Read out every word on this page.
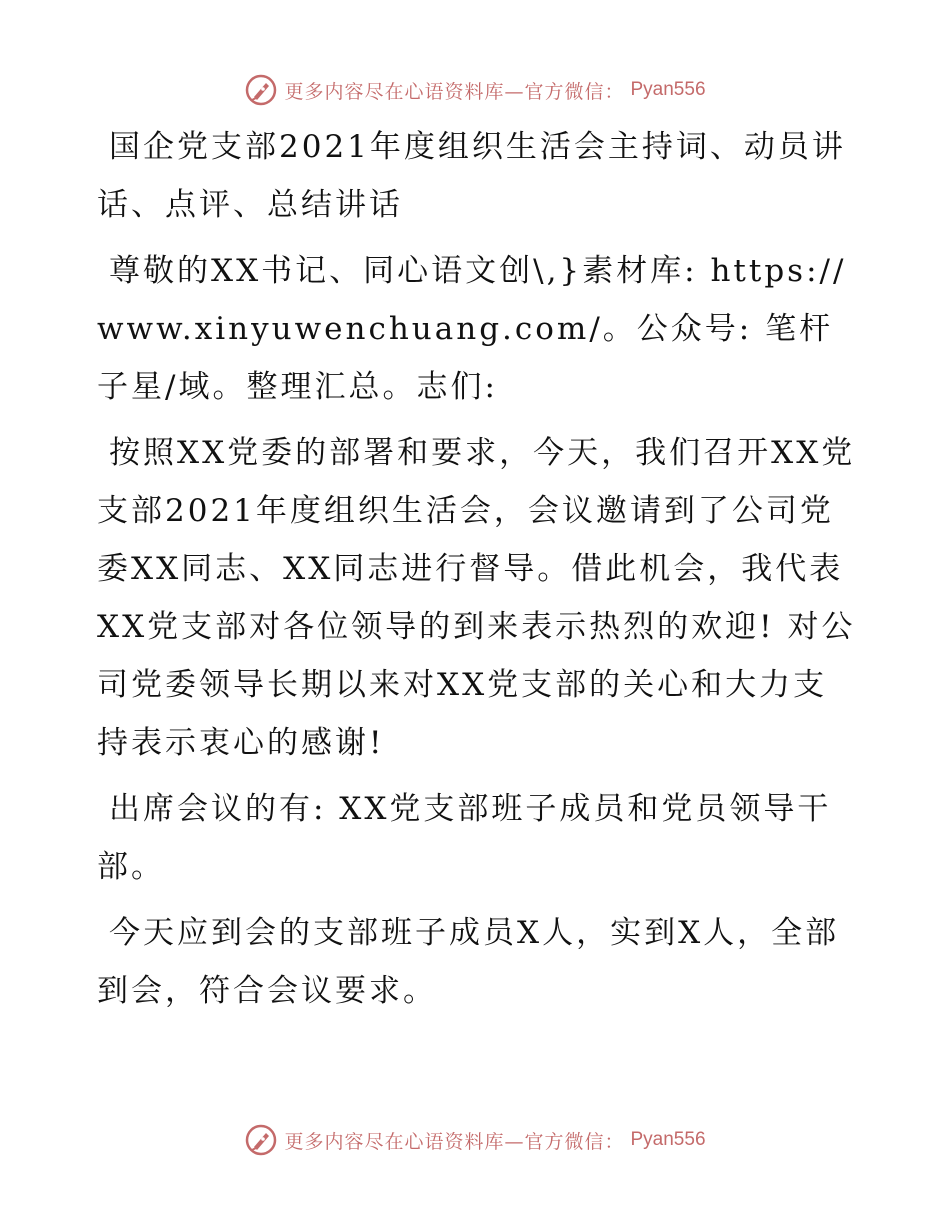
更多内容尽在心语资料库—官方微信： Pyan556

国企党支部2021年度组织生活会主持词、动员讲话、点评、总结讲话

尊敬的XX书记、同心语文创\,}素材库: https://www.xinyuwenchuang.com/。公众号: 笔杆子星/域。整理汇总。志们:

按照XX党委的部署和要求，今天，我们召开XX党支部2021年度组织生活会，会议邀请到了公司党委XX同志、XX同志进行督导。借此机会，我代表XX党支部对各位领导的到来表示热烈的欢迎! 对公司党委领导长期以来对XX党支部的关心和大力支持表示衷心的感谢!

出席会议的有: XX党支部班子成员和党员领导干部。

今天应到会的支部班子成员X人，实到X人，全部到会，符合会议要求。

更多内容尽在心语资料库—官方微信： Pyan556
